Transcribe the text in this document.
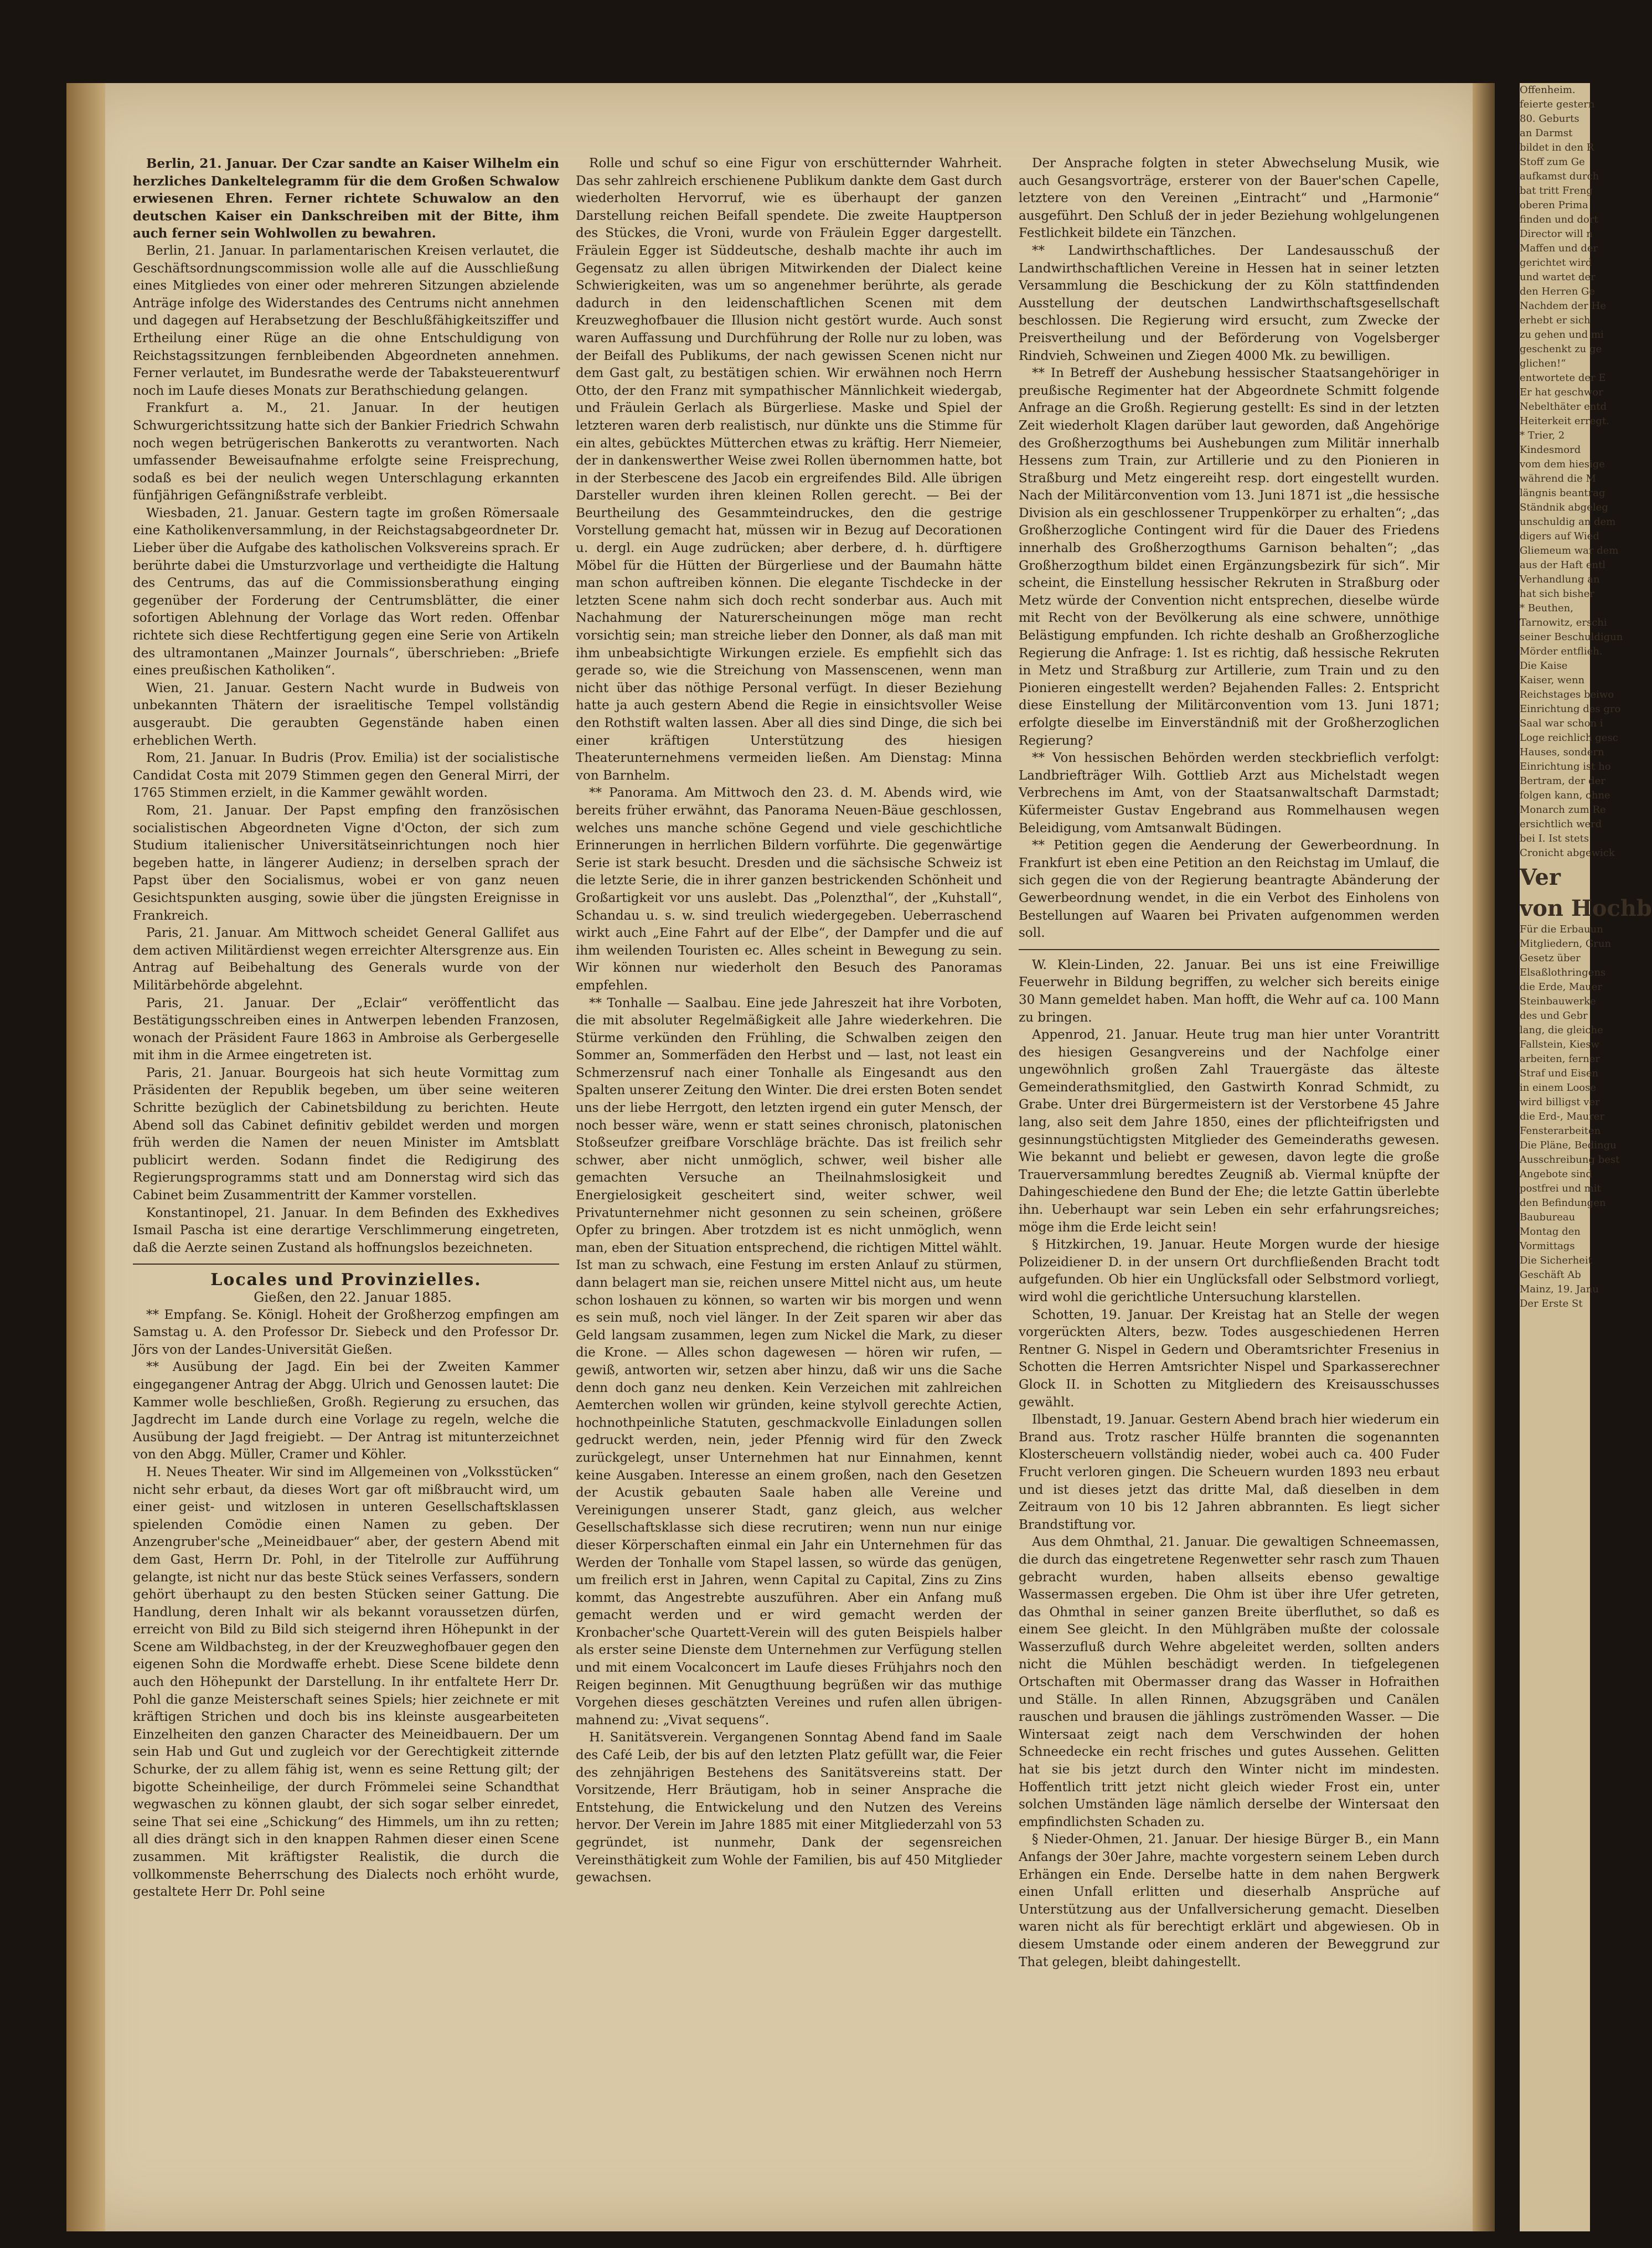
Berlin, 21. Januar. Der Czar sandte an Kaiser Wilhelm ein herzliches Dankeltelegramm für die dem Großen Schwalow erwiesenen Ehren. Ferner richtete Schuwalow an den deutschen Kaiser ein Dankschreiben mit der Bitte, ihm auch ferner sein Wohlwollen zu bewahren.

Berlin, 21. Januar. In parlamentarischen Kreisen verlautet, die Geschäftsordnungscommission wolle alle auf die Ausschließung eines Mitgliedes von einer oder mehreren Sitzungen abzielende Anträge infolge des Widerstandes des Centrums nicht annehmen und dagegen auf Herabsetzung der Beschlußfähigkeitsziffer und Ertheilung einer Rüge an die ohne Entschuldigung von Reichstagssitzungen fernbleibenden Abgeordneten annehmen. Ferner verlautet, im Bundesrathe werde der Tabaksteuerentwurf noch im Laufe dieses Monats zur Berathschiedung gelangen.

Frankfurt a. M., 21. Januar. In der heutigen Schwurgerichtssitzung hatte sich der Bankier Friedrich Schwahn noch wegen betrügerischen Bankerotts zu verantworten. Nach umfassender Beweisaufnahme erfolgte seine Freisprechung, sodaß es bei der neulich wegen Unterschlagung erkannten fünfjährigen Gefängnißstrafe verbleibt.

Wiesbaden, 21. Januar. Gestern tagte im großen Römersaale eine Katholikenversammlung, in der Reichstagsabgeordneter Dr. Lieber über die Aufgabe des katholischen Volksvereins sprach. Er berührte dabei die Umsturzvorlage und vertheidigte die Haltung des Centrums, das auf die Commissionsberathung einging gegenüber der Forderung der Centrumsblätter, die einer sofortigen Ablehnung der Vorlage das Wort reden. Offenbar richtete sich diese Rechtfertigung gegen eine Serie von Artikeln des ultramontanen „Mainzer Journals“, überschrieben: „Briefe eines preußischen Katholiken“.

Wien, 21. Januar. Gestern Nacht wurde in Budweis von unbekannten Thätern der israelitische Tempel vollständig ausgeraubt. Die geraubten Gegenstände haben einen erheblichen Werth.

Rom, 21. Januar. In Budris (Prov. Emilia) ist der socialistische Candidat Costa mit 2079 Stimmen gegen den General Mirri, der 1765 Stimmen erzielt, in die Kammer gewählt worden.

Rom, 21. Januar. Der Papst empfing den französischen socialistischen Abgeordneten Vigne d'Octon, der sich zum Studium italienischer Universitätseinrichtungen noch hier begeben hatte, in längerer Audienz; in derselben sprach der Papst über den Socialismus, wobei er von ganz neuen Gesichtspunkten ausging, sowie über die jüngsten Ereignisse in Frankreich.

Paris, 21. Januar. Am Mittwoch scheidet General Gallifet aus dem activen Militärdienst wegen erreichter Altersgrenze aus. Ein Antrag auf Beibehaltung des Generals wurde von der Militärbehörde abgelehnt.

Paris, 21. Januar. Der „Eclair“ veröffentlicht das Bestätigungsschreiben eines in Antwerpen lebenden Franzosen, wonach der Präsident Faure 1863 in Ambroise als Gerbergeselle mit ihm in die Armee eingetreten ist.

Paris, 21. Januar. Bourgeois hat sich heute Vormittag zum Präsidenten der Republik begeben, um über seine weiteren Schritte bezüglich der Cabinetsbildung zu berichten. Heute Abend soll das Cabinet definitiv gebildet werden und morgen früh werden die Namen der neuen Minister im Amtsblatt publicirt werden. Sodann findet die Redigirung des Regierungsprogramms statt und am Donnerstag wird sich das Cabinet beim Zusammentritt der Kammer vorstellen.

Konstantinopel, 21. Januar. In dem Befinden des Exkhedives Ismail Pascha ist eine derartige Verschlimmerung eingetreten, daß die Aerzte seinen Zustand als hoffnungslos bezeichneten.

Locales und Provinzielles.

Gießen, den 22. Januar 1885.

** Empfang. Se. Königl. Hoheit der Großherzog empfingen am Samstag u. A. den Professor Dr. Siebeck und den Professor Dr. Jörs von der Landes-Universität Gießen.

** Ausübung der Jagd. Ein bei der Zweiten Kammer eingegangener Antrag der Abgg. Ulrich und Genossen lautet: Die Kammer wolle beschließen, Großh. Regierung zu ersuchen, das Jagdrecht im Lande durch eine Vorlage zu regeln, welche die Ausübung der Jagd freigiebt. — Der Antrag ist mitunterzeichnet von den Abgg. Müller, Cramer und Köhler.

H. Neues Theater. Wir sind im Allgemeinen von „Volksstücken“ nicht sehr erbaut, da dieses Wort gar oft mißbraucht wird, um einer geist- und witzlosen in unteren Gesellschaftsklassen spielenden Comödie einen Namen zu geben. Der Anzengruber'sche „Meineidbauer“ aber, der gestern Abend mit dem Gast, Herrn Dr. Pohl, in der Titelrolle zur Aufführung gelangte, ist nicht nur das beste Stück seines Verfassers, sondern gehört überhaupt zu den besten Stücken seiner Gattung. Die Handlung, deren Inhalt wir als bekannt voraussetzen dürfen, erreicht von Bild zu Bild sich steigernd ihren Höhepunkt in der Scene am Wildbachsteg, in der der Kreuzweghofbauer gegen den eigenen Sohn die Mordwaffe erhebt. Diese Scene bildete denn auch den Höhepunkt der Darstellung. In ihr entfaltete Herr Dr. Pohl die ganze Meisterschaft seines Spiels; hier zeichnete er mit kräftigen Strichen und doch bis ins kleinste ausgearbeiteten Einzelheiten den ganzen Character des Meineidbauern. Der um sein Hab und Gut und zugleich vor der Gerechtigkeit zitternde Schurke, der zu allem fähig ist, wenn es seine Rettung gilt; der bigotte Scheinheilige, der durch Frömmelei seine Schandthat wegwaschen zu können glaubt, der sich sogar selber einredet, seine That sei eine „Schickung“ des Himmels, um ihn zu retten; all dies drängt sich in den knappen Rahmen dieser einen Scene zusammen. Mit kräftigster Realistik, die durch die vollkommenste Beherrschung des Dialects noch erhöht wurde, gestaltete Herr Dr. Pohl seine

Rolle und schuf so eine Figur von erschütternder Wahrheit. Das sehr zahlreich erschienene Publikum dankte dem Gast durch wiederholten Hervorruf, wie es überhaupt der ganzen Darstellung reichen Beifall spendete. Die zweite Hauptperson des Stückes, die Vroni, wurde von Fräulein Egger dargestellt. Fräulein Egger ist Süddeutsche, deshalb machte ihr auch im Gegensatz zu allen übrigen Mitwirkenden der Dialect keine Schwierigkeiten, was um so angenehmer berührte, als gerade dadurch in den leidenschaftlichen Scenen mit dem Kreuzweghofbauer die Illusion nicht gestört wurde. Auch sonst waren Auffassung und Durchführung der Rolle nur zu loben, was der Beifall des Publikums, der nach gewissen Scenen nicht nur dem Gast galt, zu bestätigen schien. Wir erwähnen noch Herrn Otto, der den Franz mit sympathischer Männlichkeit wiedergab, und Fräulein Gerlach als Bürgerliese. Maske und Spiel der letzteren waren derb realistisch, nur dünkte uns die Stimme für ein altes, gebücktes Mütterchen etwas zu kräftig. Herr Niemeier, der in dankenswerther Weise zwei Rollen übernommen hatte, bot in der Sterbescene des Jacob ein ergreifendes Bild. Alle übrigen Darsteller wurden ihren kleinen Rollen gerecht. — Bei der Beurtheilung des Gesammteindruckes, den die gestrige Vorstellung gemacht hat, müssen wir in Bezug auf Decorationen u. dergl. ein Auge zudrücken; aber derbere, d. h. dürftigere Möbel für die Hütten der Bürgerliese und der Baumahn hätte man schon auftreiben können. Die elegante Tischdecke in der letzten Scene nahm sich doch recht sonderbar aus. Auch mit Nachahmung der Naturerscheinungen möge man recht vorsichtig sein; man streiche lieber den Donner, als daß man mit ihm unbeabsichtigte Wirkungen erziele. Es empfiehlt sich das gerade so, wie die Streichung von Massenscenen, wenn man nicht über das nöthige Personal verfügt. In dieser Beziehung hatte ja auch gestern Abend die Regie in einsichtsvoller Weise den Rothstift walten lassen. Aber all dies sind Dinge, die sich bei einer kräftigen Unterstützung des hiesigen Theaterunternehmens vermeiden ließen. Am Dienstag: Minna von Barnhelm.

** Panorama. Am Mittwoch den 23. d. M. Abends wird, wie bereits früher erwähnt, das Panorama Neuen-Bäue geschlossen, welches uns manche schöne Gegend und viele geschichtliche Erinnerungen in herrlichen Bildern vorführte. Die gegenwärtige Serie ist stark besucht. Dresden und die sächsische Schweiz ist die letzte Serie, die in ihrer ganzen bestrickenden Schönheit und Großartigkeit vor uns auslebt. Das „Polenzthal“, der „Kuhstall“, Schandau u. s. w. sind treulich wiedergegeben. Ueberraschend wirkt auch „Eine Fahrt auf der Elbe“, der Dampfer und die auf ihm weilenden Touristen ec. Alles scheint in Bewegung zu sein. Wir können nur wiederholt den Besuch des Panoramas empfehlen.

** Tonhalle — Saalbau. Eine jede Jahreszeit hat ihre Vorboten, die mit absoluter Regelmäßigkeit alle Jahre wiederkehren. Die Stürme verkünden den Frühling, die Schwalben zeigen den Sommer an, Sommerfäden den Herbst und — last, not least ein Schmerzensruf nach einer Tonhalle als Eingesandt aus den Spalten unserer Zeitung den Winter. Die drei ersten Boten sendet uns der liebe Herrgott, den letzten irgend ein guter Mensch, der noch besser wäre, wenn er statt seines chronisch, platonischen Stoßseufzer greifbare Vorschläge brächte. Das ist freilich sehr schwer, aber nicht unmöglich, schwer, weil bisher alle gemachten Versuche an Theilnahmslosigkeit und Energielosigkeit gescheitert sind, weiter schwer, weil Privatunternehmer nicht gesonnen zu sein scheinen, größere Opfer zu bringen. Aber trotzdem ist es nicht unmöglich, wenn man, eben der Situation entsprechend, die richtigen Mittel wählt. Ist man zu schwach, eine Festung im ersten Anlauf zu stürmen, dann belagert man sie, reichen unsere Mittel nicht aus, um heute schon loshauen zu können, so warten wir bis morgen und wenn es sein muß, noch viel länger. In der Zeit sparen wir aber das Geld langsam zusammen, legen zum Nickel die Mark, zu dieser die Krone. — Alles schon dagewesen — hören wir rufen, — gewiß, antworten wir, setzen aber hinzu, daß wir uns die Sache denn doch ganz neu denken. Kein Verzeichen mit zahlreichen Aemterchen wollen wir gründen, keine stylvoll gerechte Actien, hochnothpeinliche Statuten, geschmackvolle Einladungen sollen gedruckt werden, nein, jeder Pfennig wird für den Zweck zurückgelegt, unser Unternehmen hat nur Einnahmen, kennt keine Ausgaben. Interesse an einem großen, nach den Gesetzen der Acustik gebauten Saale haben alle Vereine und Vereinigungen unserer Stadt, ganz gleich, aus welcher Gesellschaftsklasse sich diese recrutiren; wenn nun nur einige dieser Körperschaften einmal ein Jahr ein Unternehmen für das Werden der Tonhalle vom Stapel lassen, so würde das genügen, um freilich erst in Jahren, wenn Capital zu Capital, Zins zu Zins kommt, das Angestrebte auszuführen. Aber ein Anfang muß gemacht werden und er wird gemacht werden der Kronbacher'sche Quartett-Verein will des guten Beispiels halber als erster seine Dienste dem Unternehmen zur Verfügung stellen und mit einem Vocalconcert im Laufe dieses Frühjahrs noch den Reigen beginnen. Mit Genugthuung begrüßen wir das muthige Vorgehen dieses geschätzten Vereines und rufen allen übrigen-mahnend zu: „Vivat sequens“.

H. Sanitätsverein. Vergangenen Sonntag Abend fand im Saale des Café Leib, der bis auf den letzten Platz gefüllt war, die Feier des zehnjährigen Bestehens des Sanitätsvereins statt. Der Vorsitzende, Herr Bräutigam, hob in seiner Ansprache die Entstehung, die Entwickelung und den Nutzen des Vereins hervor. Der Verein im Jahre 1885 mit einer Mitgliederzahl von 53 gegründet, ist nunmehr, Dank der segensreichen Vereinsthätigkeit zum Wohle der Familien, bis auf 450 Mitglieder gewachsen.

Der Ansprache folgten in steter Abwechselung Musik, wie auch Gesangsvorträge, ersterer von der Bauer'schen Capelle, letztere von den Vereinen „Eintracht“ und „Harmonie“ ausgeführt. Den Schluß der in jeder Beziehung wohlgelungenen Festlichkeit bildete ein Tänzchen.

** Landwirthschaftliches. Der Landesausschuß der Landwirthschaftlichen Vereine in Hessen hat in seiner letzten Versammlung die Beschickung der zu Köln stattfindenden Ausstellung der deutschen Landwirthschaftsgesellschaft beschlossen. Die Regierung wird ersucht, zum Zwecke der Preisvertheilung und der Beförderung von Vogelsberger Rindvieh, Schweinen und Ziegen 4000 Mk. zu bewilligen.

** In Betreff der Aushebung hessischer Staatsangehöriger in preußische Regimenter hat der Abgeordnete Schmitt folgende Anfrage an die Großh. Regierung gestellt: Es sind in der letzten Zeit wiederholt Klagen darüber laut geworden, daß Angehörige des Großherzogthums bei Aushebungen zum Militär innerhalb Hessens zum Train, zur Artillerie und zu den Pionieren in Straßburg und Metz eingereiht resp. dort eingestellt wurden. Nach der Militärconvention vom 13. Juni 1871 ist „die hessische Division als ein geschlossener Truppenkörper zu erhalten“; „das Großherzogliche Contingent wird für die Dauer des Friedens innerhalb des Großherzogthums Garnison behalten“; „das Großherzogthum bildet einen Ergänzungsbezirk für sich“. Mir scheint, die Einstellung hessischer Rekruten in Straßburg oder Metz würde der Convention nicht entsprechen, dieselbe würde mit Recht von der Bevölkerung als eine schwere, unnöthige Belästigung empfunden. Ich richte deshalb an Großherzogliche Regierung die Anfrage: 1. Ist es richtig, daß hessische Rekruten in Metz und Straßburg zur Artillerie, zum Train und zu den Pionieren eingestellt werden? Bejahenden Falles: 2. Entspricht diese Einstellung der Militärconvention vom 13. Juni 1871; erfolgte dieselbe im Einverständniß mit der Großherzoglichen Regierung?

** Von hessischen Behörden werden steckbrieflich verfolgt: Landbriefträger Wilh. Gottlieb Arzt aus Michelstadt wegen Verbrechens im Amt, von der Staatsanwaltschaft Darmstadt; Küfermeister Gustav Engebrand aus Rommelhausen wegen Beleidigung, vom Amtsanwalt Büdingen.

** Petition gegen die Aenderung der Gewerbeordnung. In Frankfurt ist eben eine Petition an den Reichstag im Umlauf, die sich gegen die von der Regierung beantragte Abänderung der Gewerbeordnung wendet, in die ein Verbot des Einholens von Bestellungen auf Waaren bei Privaten aufgenommen werden soll.

W. Klein-Linden, 22. Januar. Bei uns ist eine Freiwillige Feuerwehr in Bildung begriffen, zu welcher sich bereits einige 30 Mann gemeldet haben. Man hofft, die Wehr auf ca. 100 Mann zu bringen.

Appenrod, 21. Januar. Heute trug man hier unter Vorantritt des hiesigen Gesangvereins und der Nachfolge einer ungewöhnlich großen Zahl Trauergäste das älteste Gemeinderathsmitglied, den Gastwirth Konrad Schmidt, zu Grabe. Unter drei Bürgermeistern ist der Verstorbene 45 Jahre lang, also seit dem Jahre 1850, eines der pflichteifrigsten und gesinnungstüchtigsten Mitglieder des Gemeinderaths gewesen. Wie bekannt und beliebt er gewesen, davon legte die große Trauerversammlung beredtes Zeugniß ab. Viermal knüpfte der Dahingeschiedene den Bund der Ehe; die letzte Gattin überlebte ihn. Ueberhaupt war sein Leben ein sehr erfahrungsreiches; möge ihm die Erde leicht sein!

§ Hitzkirchen, 19. Januar. Heute Morgen wurde der hiesige Polizeidiener D. in der unsern Ort durchfließenden Bracht todt aufgefunden. Ob hier ein Unglücksfall oder Selbstmord vorliegt, wird wohl die gerichtliche Untersuchung klarstellen.

Schotten, 19. Januar. Der Kreistag hat an Stelle der wegen vorgerückten Alters, bezw. Todes ausgeschiedenen Herren Rentner G. Nispel in Gedern und Oberamtsrichter Fresenius in Schotten die Herren Amtsrichter Nispel und Sparkasserechner Glock II. in Schotten zu Mitgliedern des Kreisausschusses gewählt.

Ilbenstadt, 19. Januar. Gestern Abend brach hier wiederum ein Brand aus. Trotz rascher Hülfe brannten die sogenannten Klosterscheuern vollständig nieder, wobei auch ca. 400 Fuder Frucht verloren gingen. Die Scheuern wurden 1893 neu erbaut und ist dieses jetzt das dritte Mal, daß dieselben in dem Zeitraum von 10 bis 12 Jahren abbrannten. Es liegt sicher Brandstiftung vor.

Aus dem Ohmthal, 21. Januar. Die gewaltigen Schneemassen, die durch das eingetretene Regenwetter sehr rasch zum Thauen gebracht wurden, haben allseits ebenso gewaltige Wassermassen ergeben. Die Ohm ist über ihre Ufer getreten, das Ohmthal in seiner ganzen Breite überfluthet, so daß es einem See gleicht. In den Mühlgräben mußte der colossale Wasserzufluß durch Wehre abgeleitet werden, sollten anders nicht die Mühlen beschädigt werden. In tiefgelegenen Ortschaften mit Obermasser drang das Wasser in Hofraithen und Ställe. In allen Rinnen, Abzugsgräben und Canälen rauschen und brausen die jählings zuströmenden Wasser. — Die Wintersaat zeigt nach dem Verschwinden der hohen Schneedecke ein recht frisches und gutes Aussehen. Gelitten hat sie bis jetzt durch den Winter nicht im mindesten. Hoffentlich tritt jetzt nicht gleich wieder Frost ein, unter solchen Umständen läge nämlich derselbe der Wintersaat den empfindlichsten Schaden zu.

§ Nieder-Ohmen, 21. Januar. Der hiesige Bürger B., ein Mann Anfangs der 30er Jahre, machte vorgestern seinem Leben durch Erhängen ein Ende. Derselbe hatte in dem nahen Bergwerk einen Unfall erlitten und dieserhalb Ansprüche auf Unterstützung aus der Unfallversicherung gemacht. Dieselben waren nicht als für berechtigt erklärt und abgewiesen. Ob in diesem Umstande oder einem anderen der Beweggrund zur That gelegen, bleibt dahingestellt.

Offenheim.

feierte gestern

80. Geburts

an Darmst

bildet in den R

Stoff zum Ge

aufkamst durch

bat tritt Freng

oberen Prima

finden und dort

Director will n

Maffen und der

gerichtet wird

und wartet der

den Herren Ge

Nachdem der He

erhebt er sich

zu gehen und mi

geschenkt zu ge

glichen!“

entwortete der E

Er hat geschwor

Nebelthäter entd

Heiterkeit erregt.

* Trier, 2

Kindesmord

vom dem hiesige

während die M

längnis beantrag

Ständnik abgeleg

unschuldig an dem

digers auf Wied

Gliemeum war dem

aus der Haft entl

Verhandlung an

hat sich bisher

* Beuthen,

Tarnowitz, erschi

seiner Beschuldigun

Mörder entflieh.

Die Kaise

Kaiser, wenn

Reichstages beiwo

Einrichtung des gro

Saal war schon i

Loge reichlich gesc

Hauses, sondern

Einrichtung ist ho

Bertram, der der

folgen kann, ohne

Monarch zum Re

ersichtlich werd

bei I. Ist stets

Cronicht abgewick

Ver

von Hochb

Für die Erbauun

Mitgliedern, Grun

Gesetz über

Elsaßlothringens

die Erde, Mauer

Steinbauwerke

des und Gebr

lang, die gleiche

Fallstein, Kiesw

arbeiten, ferner

Straf und Eisen

in einem Loose

wird billigst ver

die Erd-, Maurer

Fensterarbeiten

Die Pläne, Bedingu

Ausschreibung best

Angebote sind

postfrei und mit

den Befindungen

Baubureau

Montag den

Vormittags

Die Sicherheit

Geschäft Ab

Mainz, 19. Janu

Der Erste St
